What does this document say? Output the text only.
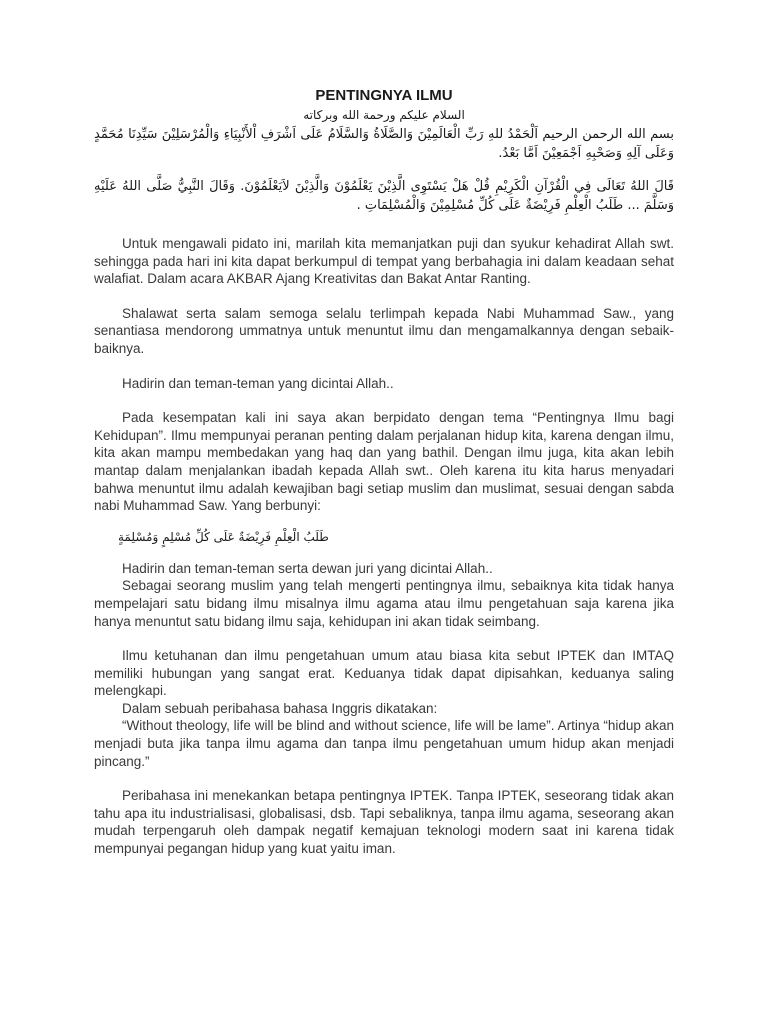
PENTINGNYA ILMU

السلام عليكم ورحمة الله وبركاته

بسم الله الرحمن الرحيم اَلْحَمْدُ للهِ رَبِّ الْعَالَمِيْنَ وَالصَّلَاةُ وَالسَّلَامُ عَلَى اَشْرَفِ اْلأَنْبِيَاءِ وَالْمُرْسَلِيْنَ سَيِّدِنَا مُحَمَّدٍ وَعَلَى آلِهِ وَصَحْبِهِ اَجْمَعِيْنَ اَمَّا بَعْدُ.

قَالَ اللهُ تَعَالَى فِي الْقُرْآنِ الْكَرِيْمِ قُلْ هَلْ يَسْتَوِى الَّذِيْنَ يَعْلَمُوْنَ وَالَّذِيْنَ لاَيَعْلَمُوْنَ. وَقَالَ النَّبِيُّ صَلَّى اللهُ عَلَيْهِ وَسَلَّمَ ... طَلَبُ الْعِلْمِ فَرِيْضَةٌ عَلَى كُلِّ مُسْلِمِيْنَ وَالْمُسْلِمَاتِ .

Untuk mengawali pidato ini, marilah kita memanjatkan puji dan syukur kehadirat Allah swt. sehingga pada hari ini kita dapat berkumpul di tempat yang berbahagia ini dalam keadaan sehat walafiat. Dalam acara AKBAR Ajang Kreativitas dan Bakat Antar Ranting.

Shalawat serta salam semoga selalu terlimpah kepada Nabi Muhammad Saw., yang senantiasa mendorong ummatnya untuk menuntut ilmu dan mengamalkannya dengan sebaik-baiknya.

Hadirin dan teman-teman yang dicintai Allah..

Pada kesempatan kali ini saya akan berpidato dengan tema “Pentingnya Ilmu bagi Kehidupan”. Ilmu mempunyai peranan penting dalam perjalanan hidup kita, karena dengan ilmu, kita akan mampu membedakan yang haq dan yang bathil. Dengan ilmu juga, kita akan lebih mantap dalam menjalankan ibadah kepada Allah swt.. Oleh karena itu kita harus menyadari bahwa menuntut ilmu adalah kewajiban bagi setiap muslim dan muslimat, sesuai dengan sabda nabi Muhammad Saw. Yang berbunyi:

طَلَبُ الْعِلْمِ فَرِيْضَةٌ عَلَى كُلِّ مُسْلِمٍ وَمُسْلِمَةٍ

Hadirin dan teman-teman serta dewan juri yang dicintai Allah..

Sebagai seorang muslim yang telah mengerti pentingnya ilmu, sebaiknya kita tidak hanya mempelajari satu bidang ilmu misalnya ilmu agama atau ilmu pengetahuan saja karena jika hanya menuntut satu bidang ilmu saja, kehidupan ini akan tidak seimbang.

Ilmu ketuhanan dan ilmu pengetahuan umum atau biasa kita sebut IPTEK dan IMTAQ memiliki hubungan yang sangat erat. Keduanya tidak dapat dipisahkan, keduanya saling melengkapi.

Dalam sebuah peribahasa bahasa Inggris dikatakan:

“Without theology, life will be blind and without science, life will be lame”. Artinya “hidup akan menjadi buta jika tanpa ilmu agama dan tanpa ilmu pengetahuan umum hidup akan menjadi pincang.”

Peribahasa ini menekankan betapa pentingnya IPTEK. Tanpa IPTEK, seseorang tidak akan tahu apa itu industrialisasi, globalisasi, dsb. Tapi sebaliknya, tanpa ilmu agama, seseorang akan mudah terpengaruh oleh dampak negatif kemajuan teknologi modern saat ini karena tidak mempunyai pegangan hidup yang kuat yaitu iman.
